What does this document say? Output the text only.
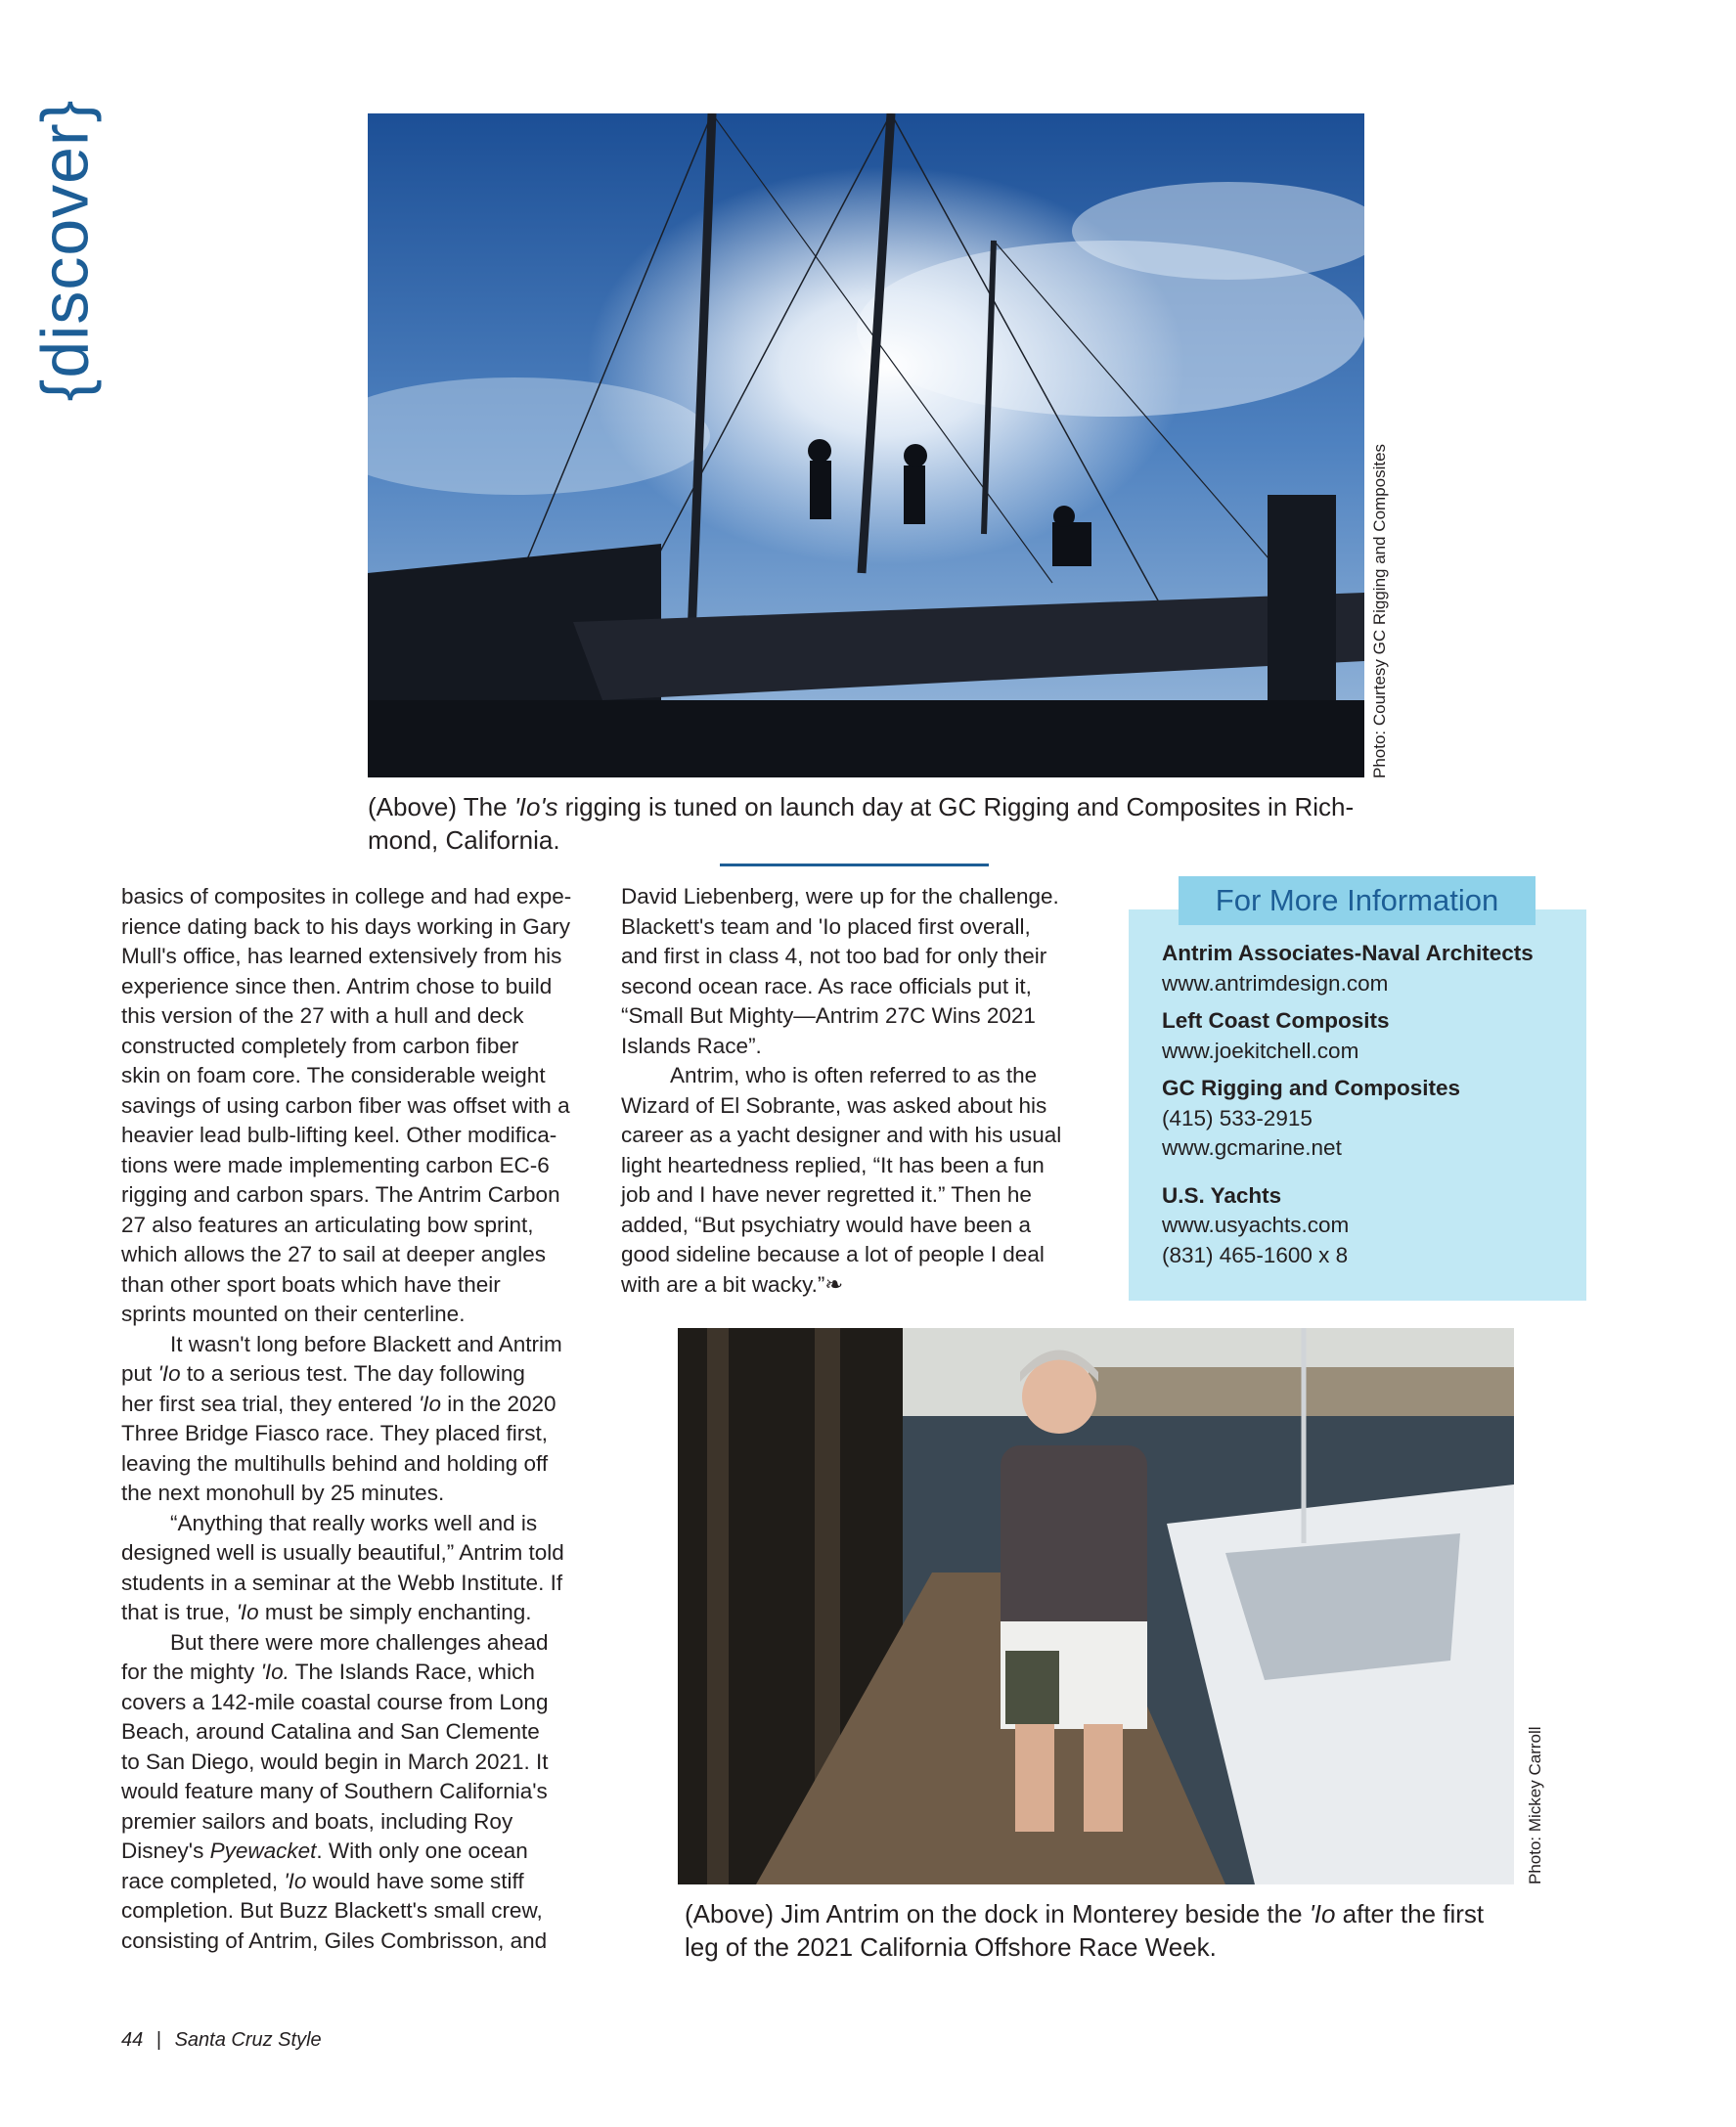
{discover}
Photo: Courtesy GC Rigging and Composites
(Above) The 'Io's rigging is tuned on launch day at GC Rigging and Composites in Rich-
mond, California.

basics of composites in college and had expe-
rience dating back to his days working in Gary
Mull's office, has learned extensively from his
experience since then. Antrim chose to build
this version of the 27 with a hull and deck
constructed completely from carbon fiber
skin on foam core. The considerable weight
savings of using carbon fiber was offset with a
heavier lead bulb-lifting keel. Other modifica-
tions were made implementing carbon EC-6
rigging and carbon spars. The Antrim Carbon
27 also features an articulating bow sprint,
which allows the 27 to sail at deeper angles
than other sport boats which have their
sprints mounted on their centerline.

It wasn't long before Blackett and Antrim
put 'Io to a serious test. The day following
her first sea trial, they entered 'Io in the 2020
Three Bridge Fiasco race. They placed first,
leaving the multihulls behind and holding off
the next monohull by 25 minutes.

“Anything that really works well and is
designed well is usually beautiful,” Antrim told
students in a seminar at the Webb Institute. If
that is true, 'Io must be simply enchanting.

But there were more challenges ahead
for the mighty 'Io. The Islands Race, which
covers a 142-mile coastal course from Long
Beach, around Catalina and San Clemente
to San Diego, would begin in March 2021. It
would feature many of Southern California's
premier sailors and boats, including Roy
Disney's Pyewacket. With only one ocean
race completed, 'Io would have some stiff
completion. But Buzz Blackett's small crew,
consisting of Antrim, Giles Combrisson, and

David Liebenberg, were up for the challenge.
Blackett's team and 'Io placed first overall,
and first in class 4, not too bad for only their
second ocean race. As race officials put it,
“Small But Mighty—Antrim 27C Wins 2021
Islands Race”.

Antrim, who is often referred to as the
Wizard of El Sobrante, was asked about his
career as a yacht designer and with his usual
light heartedness replied, “It has been a fun
job and I have never regretted it.” Then he
added, “But psychiatry would have been a
good sideline because a lot of people I deal
with are a bit wacky.”❧

For More Information
Antrim Associates-Naval Architects
www.antrimdesign.com
Left Coast Composits
www.joekitchell.com
GC Rigging and Composites
(415) 533-2915
www.gcmarine.net
U.S. Yachts
www.usyachts.com
(831) 465-1600 x 8
Photo: Mickey Carroll
(Above) Jim Antrim on the dock in Monterey beside the 'Io after the first
leg of the 2021 California Offshore Race Week.
44 | Santa Cruz Style
